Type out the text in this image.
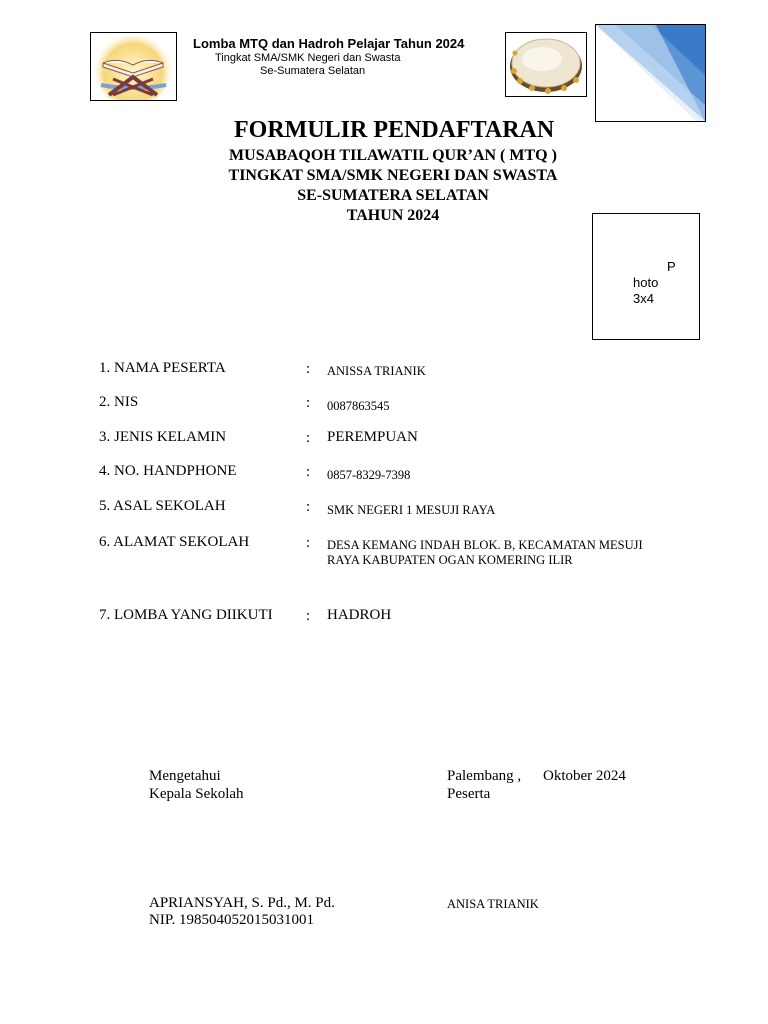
Lomba MTQ dan Hadroh Pelajar Tahun 2024
Tingkat SMA/SMK Negeri dan Swasta
Se-Sumatera Selatan
FORMULIR PENDAFTARAN
MUSABAQOH TILAWATIL QUR’AN ( MTQ )
TINGKAT SMA/SMK NEGERI DAN SWASTA
SE-SUMATERA SELATAN
TAHUN 2024
P
hoto
3x4
1. NAMA PESERTA	: ANISSA TRIANIK
2. NIS	: 0087863545
3. JENIS KELAMIN	: PEREMPUAN
4. NO. HANDPHONE	: 0857-8329-7398
5. ASAL SEKOLAH	: SMK NEGERI 1 MESUJI RAYA
6. ALAMAT SEKOLAH	: DESA KEMANG INDAH BLOK. B, KECAMATAN MESUJI RAYA KABUPATEN OGAN KOMERING ILIR
7. LOMBA YANG DIIKUTI : HADROH
Mengetahui
Kepala Sekolah
APRIANSYAH, S. Pd., M. Pd.
NIP. 198504052015031001
Palembang , Oktober 2024
Peserta
ANISA TRIANIK
